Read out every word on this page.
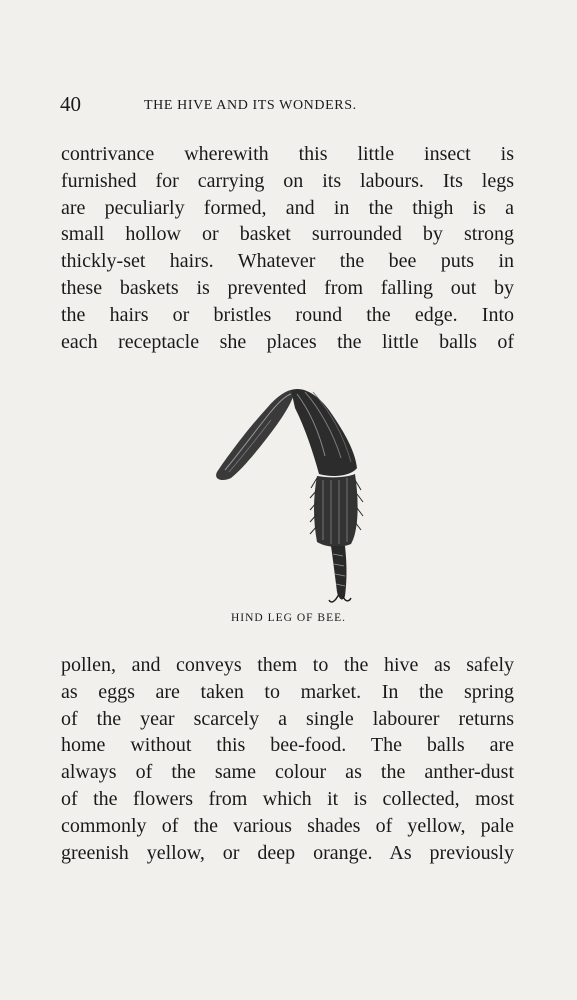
40	THE HIVE AND ITS WONDERS.

contrivance wherewith this little insect is
furnished for carrying on its labours. Its legs
are peculiarly formed, and in the thigh is a
small hollow or basket surrounded by strong
thickly-set hairs. Whatever the bee puts in
these baskets is prevented from falling out by
the hairs or bristles round the edge. Into
each receptacle she places the little balls of

HIND LEG OF BEE.

pollen, and conveys them to the hive as safely
as eggs are taken to market. In the spring
of the year scarcely a single labourer returns
home without this bee-food. The balls are
always of the same colour as the anther-dust
of the flowers from which it is collected, most
commonly of the various shades of yellow, pale
greenish yellow, or deep orange. As previously
